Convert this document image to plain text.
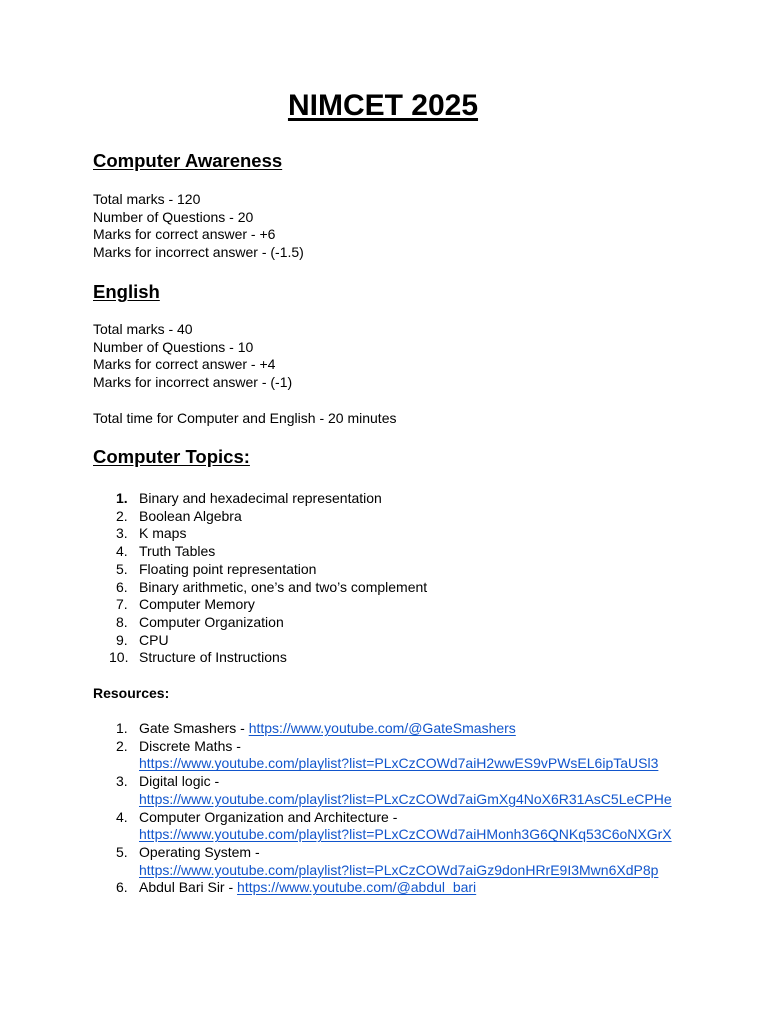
NIMCET 2025
Computer Awareness
Total marks - 120
Number of Questions - 20
Marks for correct answer - +6
Marks for incorrect answer - (-1.5)
English
Total marks - 40
Number of Questions - 10
Marks for correct answer - +4
Marks for incorrect answer - (-1)
Total time for Computer and English - 20 minutes
Computer Topics:
1. Binary and hexadecimal representation
2. Boolean Algebra
3. K maps
4. Truth Tables
5. Floating point representation
6. Binary arithmetic, one’s and two’s complement
7. Computer Memory
8. Computer Organization
9. CPU
10. Structure of Instructions
Resources:
1. Gate Smashers - https://www.youtube.com/@GateSmashers
2. Discrete Maths -
https://www.youtube.com/playlist?list=PLxCzCOWd7aiH2wwES9vPWsEL6ipTaUSl3
3. Digital logic -
https://www.youtube.com/playlist?list=PLxCzCOWd7aiGmXg4NoX6R31AsC5LeCPHe
4. Computer Organization and Architecture -
https://www.youtube.com/playlist?list=PLxCzCOWd7aiHMonh3G6QNKq53C6oNXGrX
5. Operating System -
https://www.youtube.com/playlist?list=PLxCzCOWd7aiGz9donHRrE9I3Mwn6XdP8p
6. Abdul Bari Sir - https://www.youtube.com/@abdul_bari
